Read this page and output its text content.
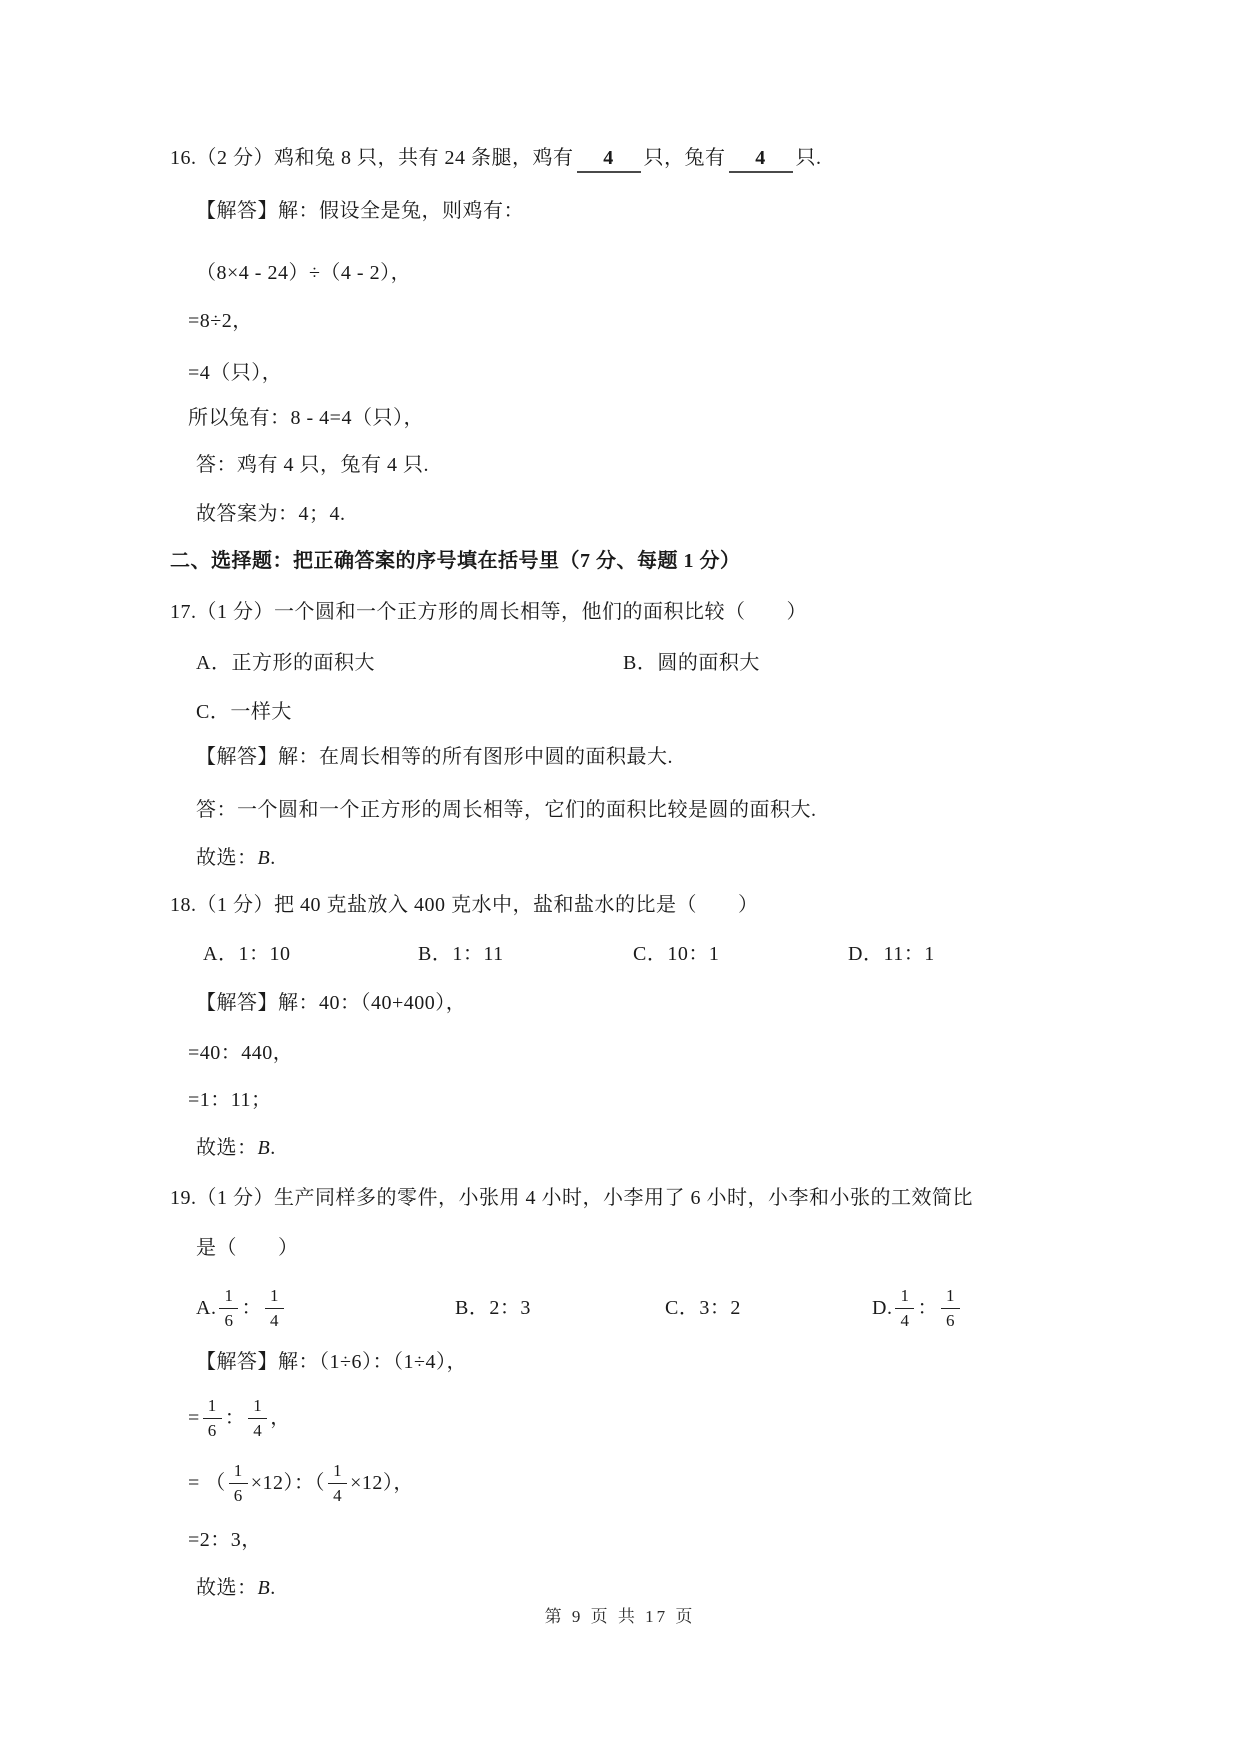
16.（2 分）鸡和兔 8 只，共有 24 条腿，鸡有 4 只，兔有 4 只.
【解答】解：假设全是兔，则鸡有：
（8×4 - 24）÷（4 - 2），
=8÷2，
=4（只），
所以兔有：8 - 4=4（只），
答：鸡有 4 只，兔有 4 只.
故答案为：4；4.
二、选择题：把正确答案的序号填在括号里（7 分、每题 1 分）
17.（1 分）一个圆和一个正方形的周长相等，他们的面积比较（　　）
A．正方形的面积大	B．圆的面积大
C．一样大
【解答】解：在周长相等的所有图形中圆的面积最大.
答：一个圆和一个正方形的周长相等，它们的面积比较是圆的面积大.
故选：B.
18.（1 分）把 40 克盐放入 400 克水中，盐和盐水的比是（　　）
A．1：10	B．1：11	C．10：1	D．11：1
【解答】解：40：（40+400），
=40：440，
=1：11；
故选：B.
19.（1 分）生产同样多的零件，小张用 4 小时，小李用了 6 小时，小李和小张的工效简比
是（　　）
A. $\frac{1}{6}$ ： $\frac{1}{4}$	B．2：3	C．3：2	D. $\frac{1}{4}$ ： $\frac{1}{6}$
【解答】解：（1÷6）：（1÷4），
= $\frac{1}{6}$ ： $\frac{1}{4}$ ，
= （ $\frac{1}{6} \times 12$）：（ $\frac{1}{4} \times 12$），
=2：3，
故选：B.
第 9 页 共 17 页
